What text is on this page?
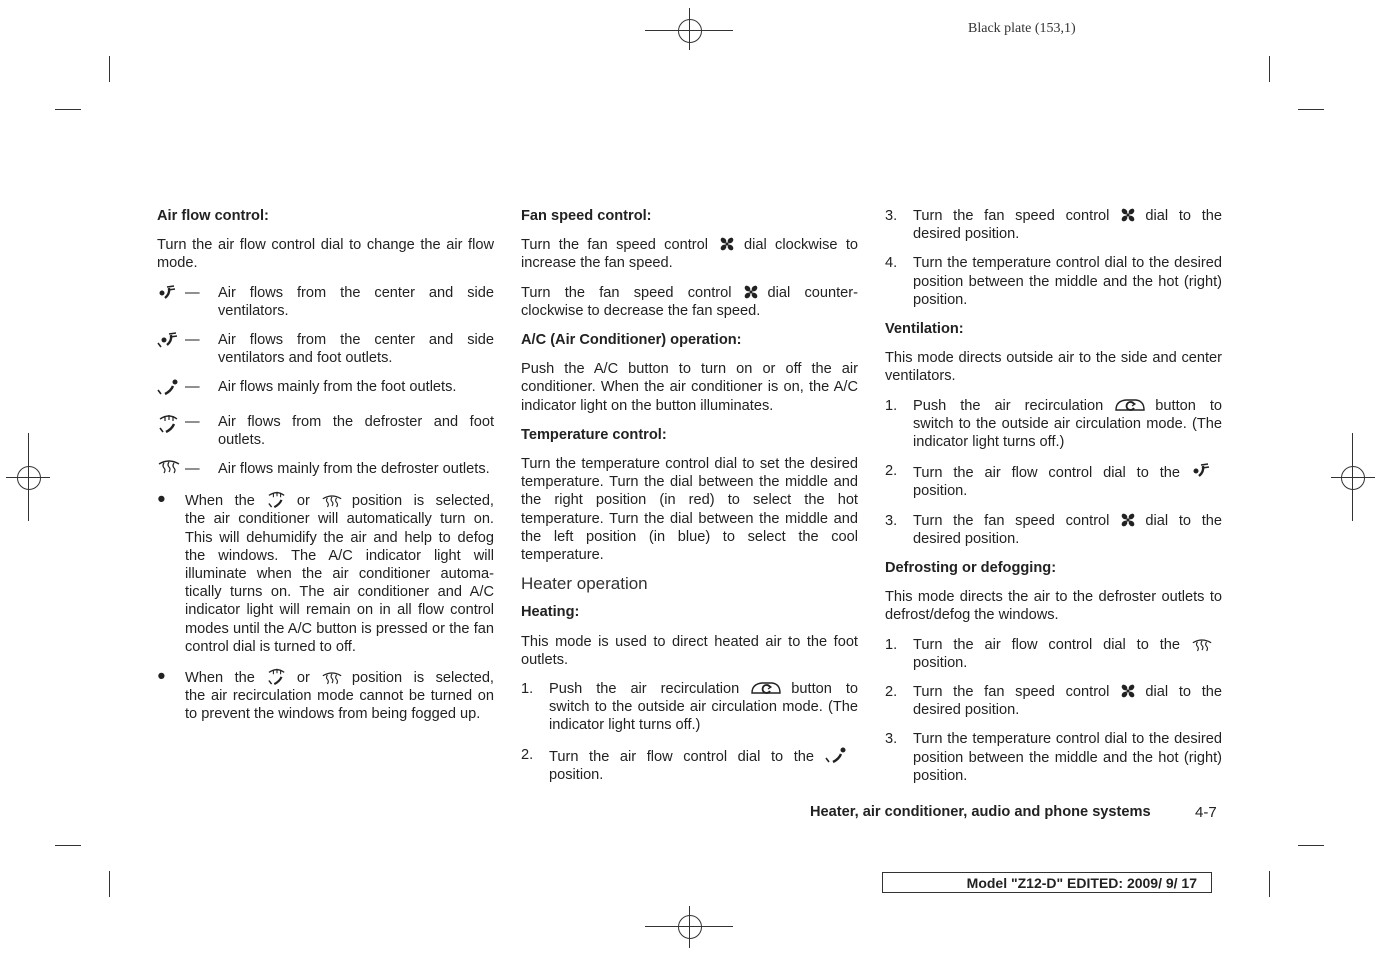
Black plate (153,1)
Air flow control:
Turn the air flow control dial to change the air flow mode.
—	Air flows from the center and side ventilators.
—	Air flows from the center and side ventilators and foot outlets.
—	Air flows mainly from the foot outlets.
—	Air flows from the defroster and foot outlets.
—	Air flows mainly from the defroster outlets.
●	When the	or	position is selected, the air conditioner will automatically turn on. This will dehumidify the air and help to defog the windows. The A/C indicator light will illuminate when the air conditioner automa- tically turns on. The air conditioner and A/C indicator light will remain on in all flow control modes until the A/C button is pressed or the fan control dial is turned to off.
●	When the	or	position is selected, the air recirculation mode cannot be turned on to prevent the windows from being fogged up.
Fan speed control:
Turn the fan speed control dial clockwise to increase the fan speed.
Turn the fan speed control dial counter- clockwise to decrease the fan speed.
A/C (Air Conditioner) operation:
Push the A/C button to turn on or off the air conditioner. When the air conditioner is on, the A/C indicator light on the button illuminates.
Temperature control:
Turn the temperature control dial to set the desired temperature. Turn the dial between the middle and the right position (in red) to select the hot temperature. Turn the dial between the middle and the left position (in blue) to select the cool temperature.
Heater operation
Heating:
This mode is used to direct heated air to the foot outlets.
1.	Push the air recirculation	button to switch to the outside air circulation mode. (The indicator light turns off.)
2.	Turn the air flow control dial to theposition.
3.	Turn the fan speed control dial to the desired position.
4.	Turn the temperature control dial to the desired position between the middle and the hot (right) position.
Ventilation:
This mode directs outside air to the side and center ventilators.
1.	Push the air recirculation	button to switch to the outside air circulation mode. (The indicator light turns off.)
2.	Turn the air flow control dial to theposition.
3.	Turn the fan speed control dial to the desired position.
Defrosting or defogging:
This mode directs the air to the defroster outlets to defrost/defog the windows.
1.	Turn the air flow control dial to theposition.
2.	Turn the fan speed control dial to the desired position.
3.	Turn the temperature control dial to the desired position between the middle and the hot (right) position.
Heater, air conditioner, audio and phone systems	4-7
Model "Z12-D" EDITED: 2009/ 9/ 17
